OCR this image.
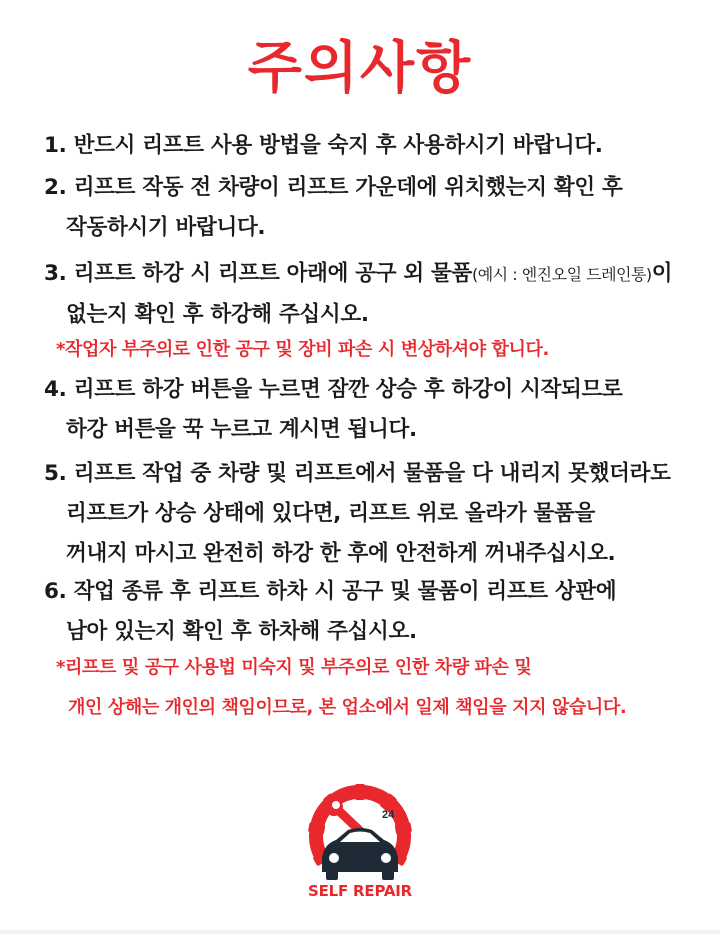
주의사항
1. 반드시 리프트 사용 방법을 숙지 후 사용하시기 바랍니다.
2. 리프트 작동 전 차량이 리프트 가운데에 위치했는지 확인 후
작동하시기 바랍니다.
3. 리프트 하강 시 리프트 아래에 공구 외 물품(예시 : 엔진오일 드레인통)이
없는지 확인 후 하강해 주십시오.
*작업자 부주의로 인한 공구 및 장비 파손 시 변상하셔야 합니다.
4. 리프트 하강 버튼을 누르면 잠깐 상승 후 하강이 시작되므로
하강 버튼을 꾹 누르고 계시면 됩니다.
5. 리프트 작업 중 차량 및 리프트에서 물품을 다 내리지 못했더라도
리프트가 상승 상태에 있다면, 리프트 위로 올라가 물품을
꺼내지 마시고 완전히 하강 한 후에 안전하게 꺼내주십시오.
6. 작업 종류 후 리프트 하차 시 공구 및 물품이 리프트 상판에
남아 있는지 확인 후 하차해 주십시오.
*리프트 및 공구 사용법 미숙지 및 부주의로 인한 차량 파손 및
개인 상해는 개인의 책임이므로, 본 업소에서 일제 책임을 지지 않습니다.
24
SELF REPAIR
